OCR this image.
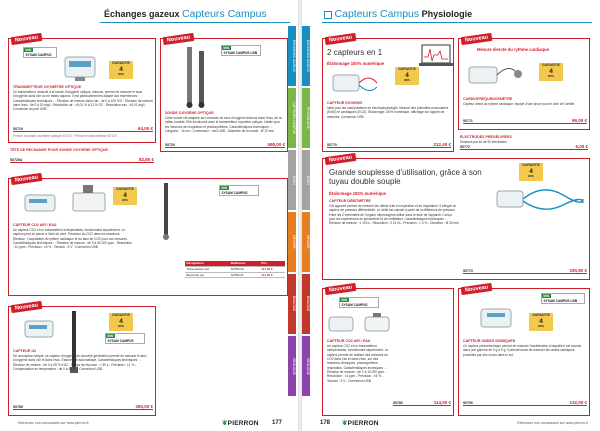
Échanges gazeux Capteurs Campus
Nouveau
Info
SYSAM CAMPUS
GARANTIE
4
ans
TRANSMETTEUR OXYMÈTRE OPTIQUE
Ce transmetteur, associé à la sonde d'oxygène optique, dissous, permet de mesurer le taux d'oxygène dans l'air ou en milieu aqueux. Il est particulièrement adapté aux expériences : Caractéristiques techniques : - Étendue de mesure dans l'air : de 0 à 100 %O - Étendue de mesure dans l'eau : de 0 à 20 mg/l - Résolution air : ±0,01 % à 21 % O2 - Résolution eau : ±0,01 mg/l - Connexion au port USB
S0719	64,00 €
Prévoir la sonde oxymètre optique S0720 · Prévoir le transmetteur S0720
Nouveau
Info
SYSAM CAMPUS USB
SONDE OXYGÈNE OPTIQUE
Cette sonde est adaptée aux mesures du taux d'oxygène dissous dans l'eau, air ou milieu humide. Elle fonctionne avec le transmetteur oxymètre optique. Idéale pour les mesures de respiration et photosynthèse. Caractéristiques techniques : - Longueur : 16 cm - Connecteur : mini USB - Diamètre de la sonde : Ø 12 mm
S0720	598,00 €
TÊTE DE RECHANGE POUR SONDE OXYGÈNE OPTIQUE
S0720A	82,80 €
Nouveau
GARANTIE
4
ans
Info
SYSAM CAMPUS
CAPTEUR CO2 AIR / EAU
Un capteur CO2 et un transmetteur indépendants, fonctionnant séparément. Le capteur peut se placer à l'abri du vent. Précision du CO2 dans les réactions. Étendue : l'acquisition du rythme cardiaque et du taux de CO2 pour vos mesures. Caractéristiques techniques : - Étendue de mesure : de 0 à 50 000 ppm - Résolution : 10 ppm - Précision : ±5 % - Tension : 5 V - Connexion USB
Désignation	Référence	Prix
Transmetteur pH	S0780.20	114,00 €
Électrode pH	S0780.21	114,00 €
Nouveau
GARANTIE
4
ans
Info
SYSAM CAMPUS
CAPTEUR O2
De conception simple, ce capteur d'oxygène de nouvelle génération permet de mesurer le taux d'oxygène dans l'air et dans l'eau. Étalonnage automatique. Caractéristiques techniques : - Étendue de mesure : de 0 à 25 % d'O2 - Temps de réponse : < 30 s - Précision : ±1 % - Compensation en température : de 0 à 40 °C - Connexion USB
S0785	360,00 €
ÉCHANGES GAZEUX
CAPTEURS CAMPUS
EXAO
MESURE
BIOLOGIE
GÉOLOGIE
Retrouvez nos nouveautés sur www.pierron.fr	❦PIERRON 177
ÉCHANGES GAZEUX
PHYSIOLOGIE
EXAO
MESURE
BIOLOGIE
GÉOLOGIE
Capteurs Campus Physiologie
Nouveau
2 capteurs en 1
Étalonnage 100% numérique
GARANTIE
4
ans
CAPTEUR ECG/EMG
Idéal pour les manipulations en électrophysiologie. Mesure des potentiels musculaires (EMG) et cardiaques (ECG). Étalonnage 100% numérique, affichage sur logiciel de mesures. Connexion USB.
S0770	212,40 €
Nouveau
Mesure directe du rythme cardiaque
GARANTIE
4
ans
CARDIOFRÉQUENCEMÈTRE
Capteur direct du rythme cardiaque, équipé d'une pince pour le lobe de l'oreille.
S0771	96,00 €
ÉLECTRODES PRÉGÉLIFIÉES
Vendues par lot de 50 électrodes.
S0772	6,00 €
Nouveau
Grande souplesse d'utilisation, grâce à son tuyau double souple
Étalonnage 100% numérique
GARANTIE
4
ans
CAPTEUR DÉBITMÈTRE
Cet appareil permet de mesurer les débits d'air en expiration et en inspiration. Il intègre un capteur de pression différentielle. Le débit est calculé à partir de la différence de pression entre les 2 extrémités de l'organe déprimogène utilisé dans le tube de l'appareil. Conçu pour les expériences de spirométrie et de ventilation. Caractéristiques techniques : - Étendue de mesure : ± 10 l/s - Résolution : 0,01 l/s - Précision : ± 3 % - Diamètre : Ø 30 mm
S0773	190,80 €
Nouveau
Info
SYSAM CAMPUS
CAPTEUR CO2 AIR / EAU
Un capteur CO2 et un transmetteur indépendants, fonctionnant séparément. Le capteur permet de réaliser des mesures du CO2 dans l'air et dans l'eau, sur des réactions chimiques, photosynthèse, respiration. Caractéristiques techniques : - Étendue de mesure : de 0 à 10 000 ppm - Résolution : ±1 ppm - Précision : ±5 % - Tension : 5 V - Connexion USB
S0780	114,00 €
Nouveau
Info
SYSAM CAMPUS USB
GARANTIE
4
ans
CAPTEUR ONDES SISMIQUES
Ce capteur piézoélectrique permet de mesurer l'accélération à laquelle il est soumis dans une gamme de 0 g à 5 g. Il permet aussi de mesurer les ondes sismiques produites par des chocs dans le sol.
S0790	132,00 €
178 ❦PIERRON	Retrouvez nos nouveautés sur www.pierron.fr
